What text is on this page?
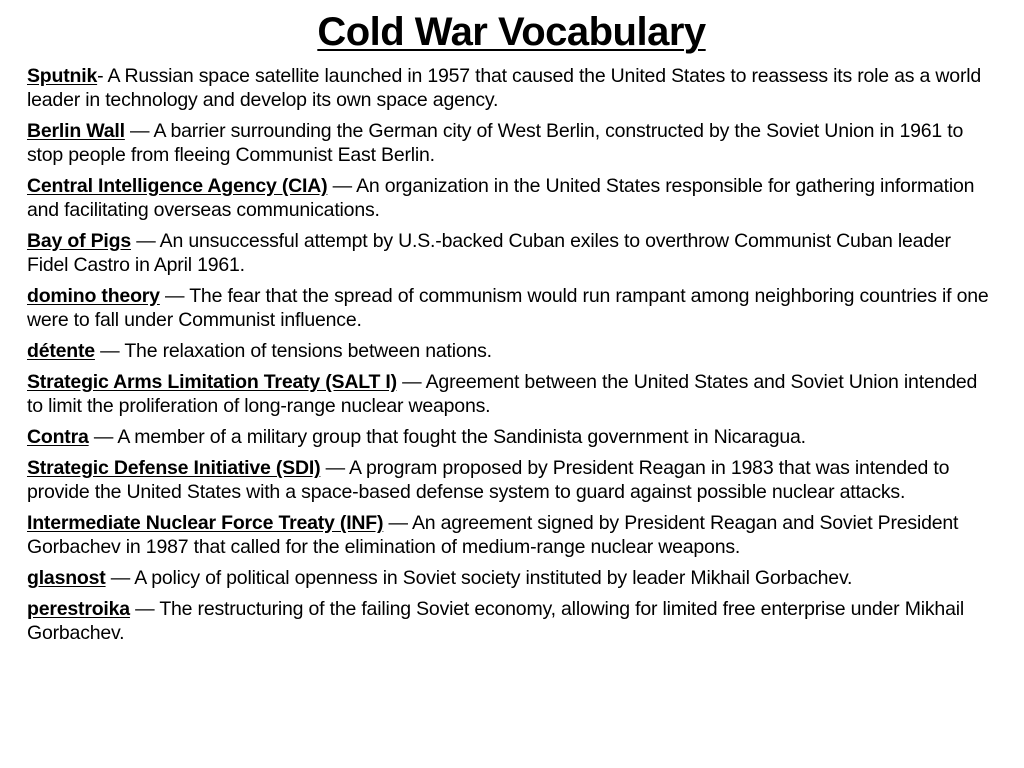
Cold War Vocabulary
Sputnik- A Russian space satellite launched in 1957 that caused the United States to reassess its role as a world leader in technology and develop its own space agency.
Berlin Wall — A barrier surrounding the German city of West Berlin, constructed by the Soviet Union in 1961 to stop people from fleeing Communist East Berlin.
Central Intelligence Agency (CIA) — An organization in the United States responsible for gathering information and facilitating overseas communications.
Bay of Pigs — An unsuccessful attempt by U.S.-backed Cuban exiles to overthrow Communist Cuban leader Fidel Castro in April 1961.
domino theory — The fear that the spread of communism would run rampant among neighboring countries if one were to fall under Communist influence.
détente — The relaxation of tensions between nations.
Strategic Arms Limitation Treaty (SALT I) — Agreement between the United States and Soviet Union intended to limit the proliferation of long-range nuclear weapons.
Contra — A member of a military group that fought the Sandinista government in Nicaragua.
Strategic Defense Initiative (SDI) — A program proposed by President Reagan in 1983 that was intended to provide the United States with a space-based defense system to guard against possible nuclear attacks.
Intermediate Nuclear Force Treaty (INF) — An agreement signed by President Reagan and Soviet President Gorbachev in 1987 that called for the elimination of medium-range nuclear weapons.
glasnost — A policy of political openness in Soviet society instituted by leader Mikhail Gorbachev.
perestroika — The restructuring of the failing Soviet economy, allowing for limited free enterprise under Mikhail Gorbachev.
